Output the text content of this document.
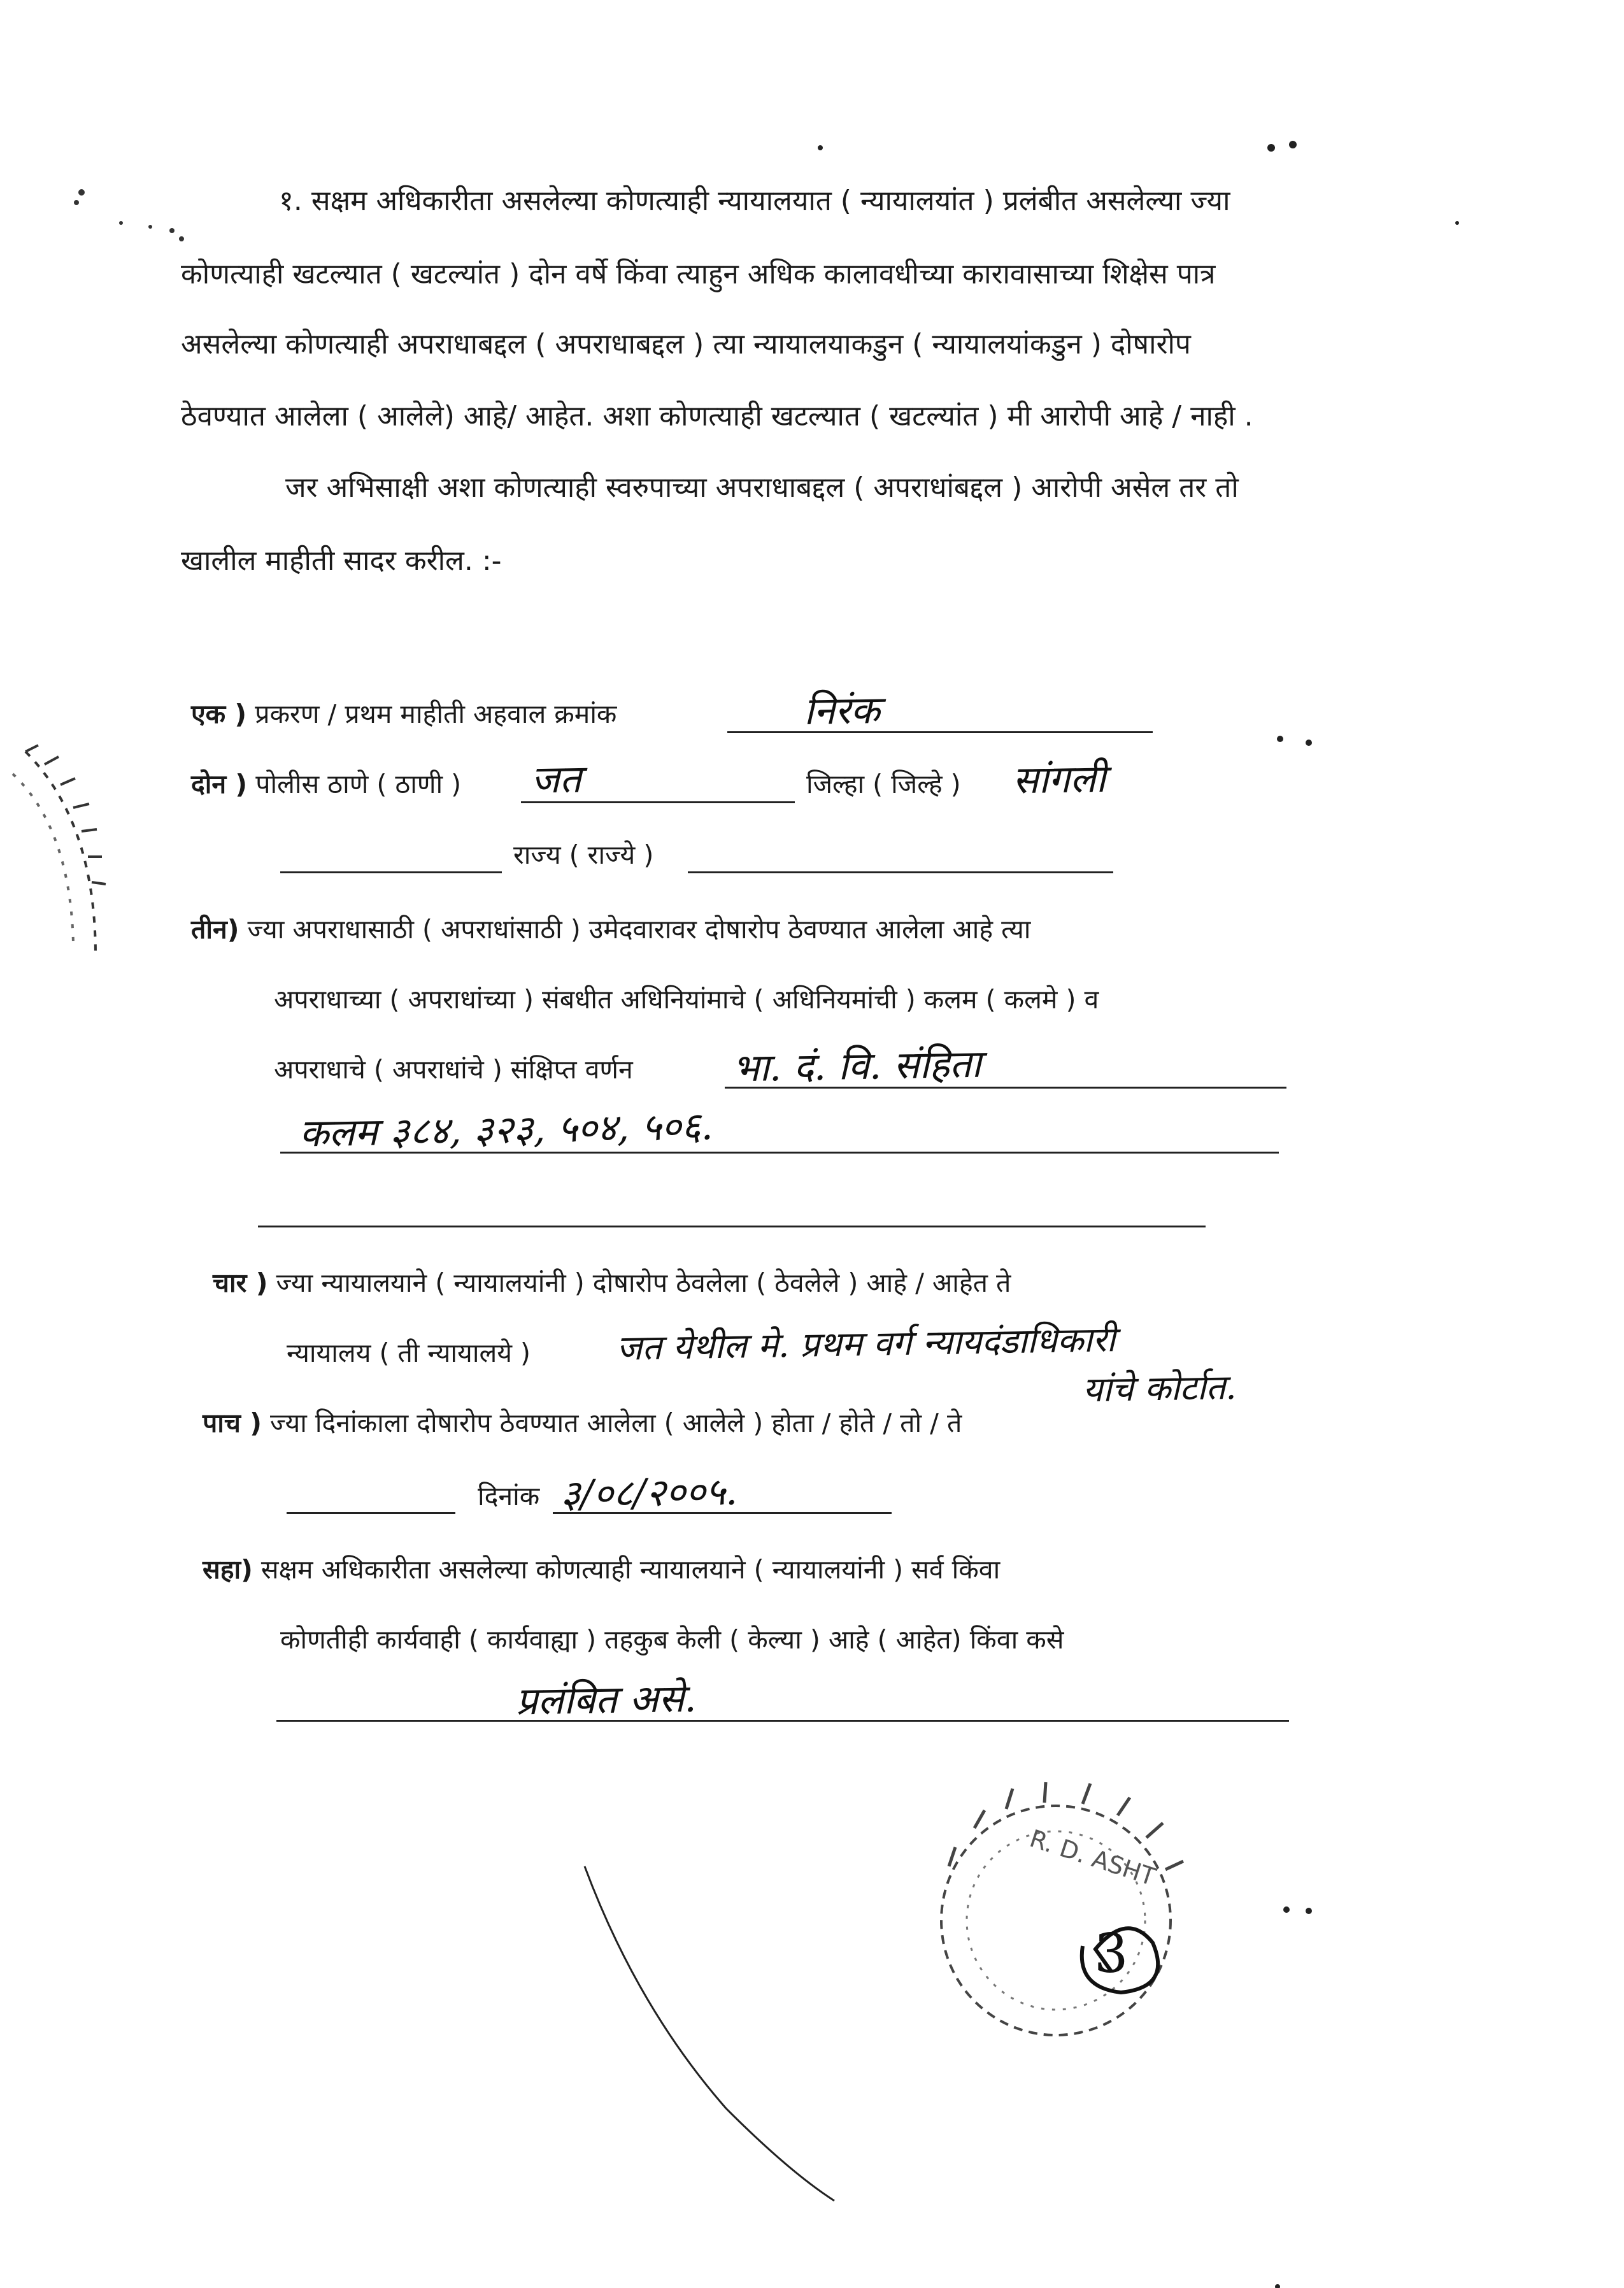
१. सक्षम अधिकारीता असलेल्या कोणत्याही न्यायालयात ( न्यायालयांत ) प्रलंबीत असलेल्या ज्या
कोणत्याही खटल्यात ( खटल्यांत ) दोन वर्षे किंवा त्याहुन अधिक कालावधीच्या कारावासाच्या शिक्षेस पात्र
असलेल्या कोणत्याही अपराधाबद्दल ( अपराधाबद्दल ) त्या न्यायालयाकडुन ( न्यायालयांकडुन ) दोषारोप
ठेवण्यात आलेला ( आलेले) आहे/ आहेत. अशा कोणत्याही खटल्यात ( खटल्यांत ) मी आरोपी आहे / नाही .
जर अभिसाक्षी अशा कोणत्याही स्वरुपाच्या अपराधाबद्दल ( अपराधांबद्दल ) आरोपी असेल तर तो
खालील माहीती सादर करील. :-
एक ) प्रकरण / प्रथम माहीती अहवाल क्रमांक	निरंक
दोन ) पोलीस ठाणे ( ठाणी ) जत	जिल्हा ( जिल्हे ) सांगली
राज्य ( राज्ये )
तीन) ज्या अपराधासाठी ( अपराधांसाठी ) उमेदवारावर दोषारोप ठेवण्यात आलेला आहे त्या
अपराधाच्या ( अपराधांच्या ) संबधीत अधिनियांमाचे ( अधिनियमांची ) कलम ( कलमे ) व
अपराधाचे ( अपराधांचे ) संक्षिप्त वर्णन	भा. दं. वि. संहिता
कलम ३८४, ३२३, ५०४, ५०६.
चार ) ज्या न्यायालयाने ( न्यायालयांनी ) दोषारोप ठेवलेला ( ठेवलेले ) आहे / आहेत ते
न्यायालय ( ती न्यायालये ) जत येथील मे. प्रथम वर्ग न्यायदंडाधिकारी
यांचे कोर्टात.
पाच ) ज्या दिनांकाला दोषारोप ठेवण्यात आलेला ( आलेले ) होता / होते / तो / ते
दिनांक ३/०८/२००५.
सहा) सक्षम अधिकारीता असलेल्या कोणत्याही न्यायालयाने ( न्यायालयांनी ) सर्व किंवा
कोणतीही कार्यवाही ( कार्यवाह्या ) तहकुब केली ( केल्या ) आहे ( आहेत) किंवा कसे
प्रलंबित असे.
R. D. ASHT
3
